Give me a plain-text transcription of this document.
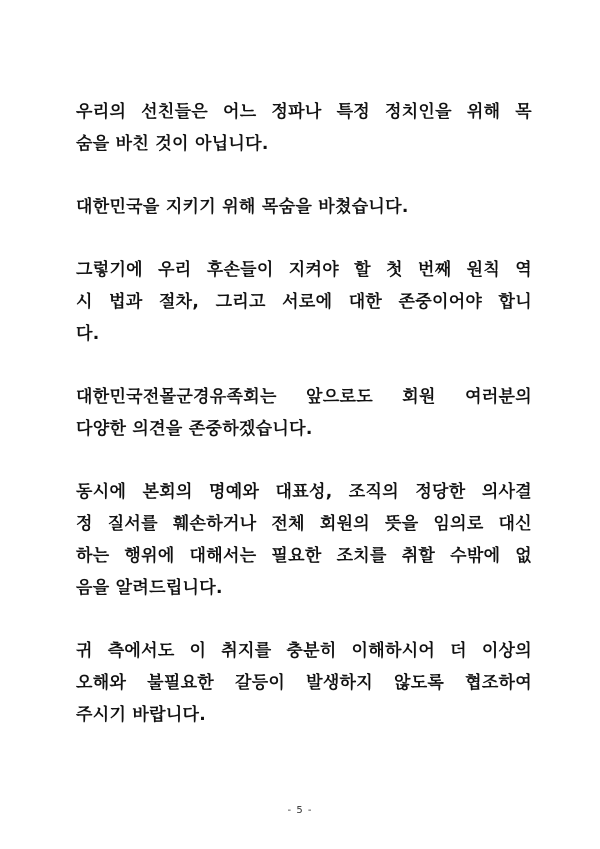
우리의 선친들은 어느 정파나 특정 정치인을 위해 목
숨을 바친 것이 아닙니다.
대한민국을 지키기 위해 목숨을 바쳤습니다.
그렇기에 우리 후손들이 지켜야 할 첫 번째 원칙 역
시 법과 절차, 그리고 서로에 대한 존중이어야 합니
다.
대한민국전몰군경유족회는 앞으로도 회원 여러분의
다양한 의견을 존중하겠습니다.
동시에 본회의 명예와 대표성, 조직의 정당한 의사결
정 질서를 훼손하거나 전체 회원의 뜻을 임의로 대신
하는 행위에 대해서는 필요한 조치를 취할 수밖에 없
음을 알려드립니다.
귀 측에서도 이 취지를 충분히 이해하시어 더 이상의
오해와 불필요한 갈등이 발생하지 않도록 협조하여
주시기 바랍니다.
- 5 -
